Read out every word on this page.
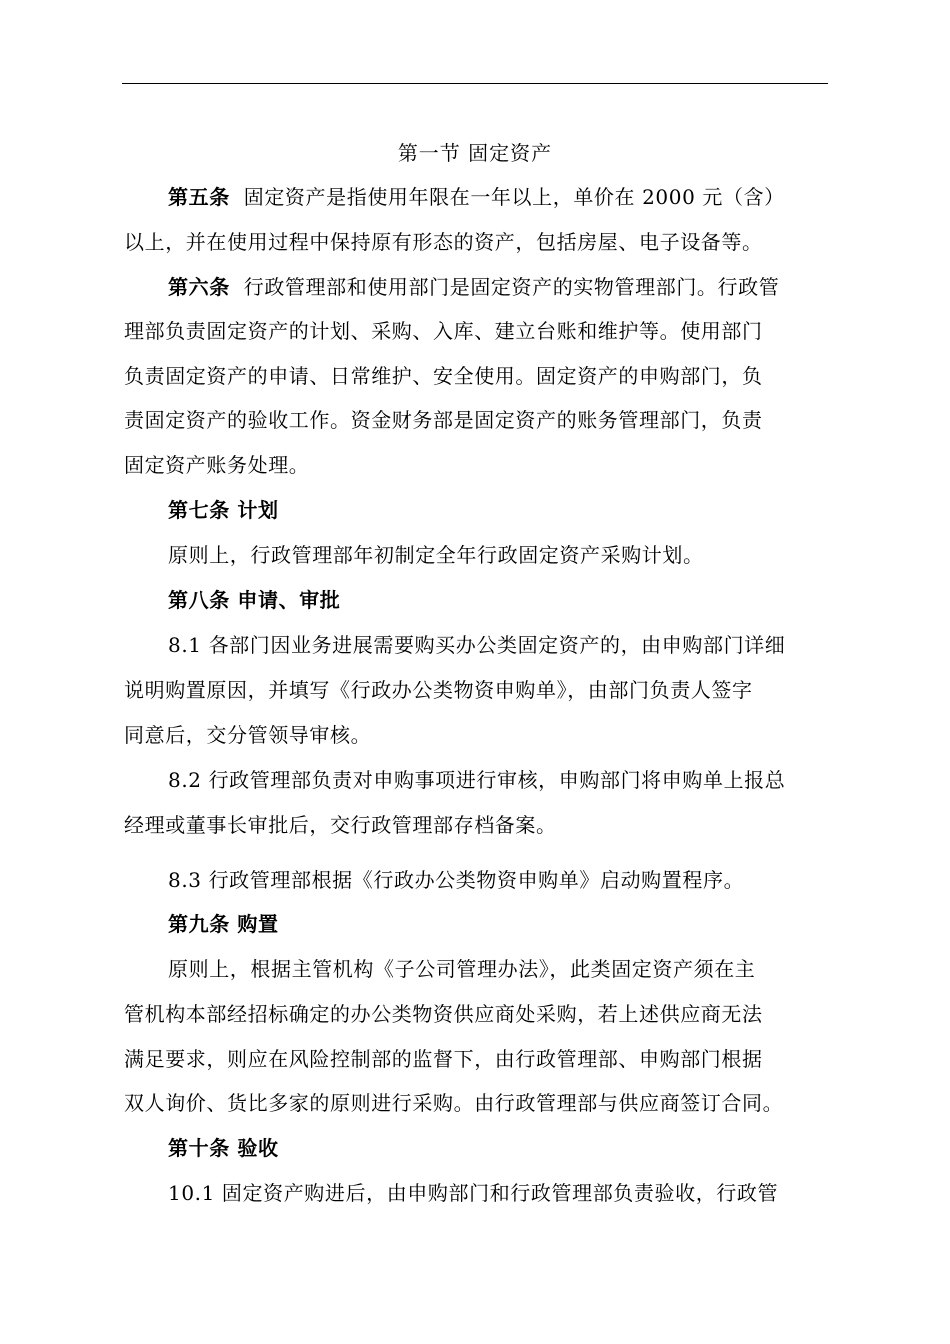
第一节 固定资产
第五条 固定资产是指使用年限在一年以上，单价在 2000 元（含）
以上，并在使用过程中保持原有形态的资产，包括房屋、电子设备等。
第六条 行政管理部和使用部门是固定资产的实物管理部门。行政管
理部负责固定资产的计划、采购、入库、建立台账和维护等。使用部门
负责固定资产的申请、日常维护、安全使用。固定资产的申购部门，负
责固定资产的验收工作。资金财务部是固定资产的账务管理部门，负责
固定资产账务处理。
第七条 计划
原则上，行政管理部年初制定全年行政固定资产采购计划。
第八条 申请、审批
8.1 各部门因业务进展需要购买办公类固定资产的，由申购部门详细
说明购置原因，并填写《行政办公类物资申购单》，由部门负责人签字
同意后，交分管领导审核。
8.2 行政管理部负责对申购事项进行审核，申购部门将申购单上报总
经理或董事长审批后，交行政管理部存档备案。
8.3 行政管理部根据《行政办公类物资申购单》启动购置程序。
第九条 购置
原则上，根据主管机构《子公司管理办法》，此类固定资产须在主
管机构本部经招标确定的办公类物资供应商处采购，若上述供应商无法
满足要求，则应在风险控制部的监督下，由行政管理部、申购部门根据
双人询价、货比多家的原则进行采购。由行政管理部与供应商签订合同。
第十条 验收
10.1 固定资产购进后，由申购部门和行政管理部负责验收，行政管
